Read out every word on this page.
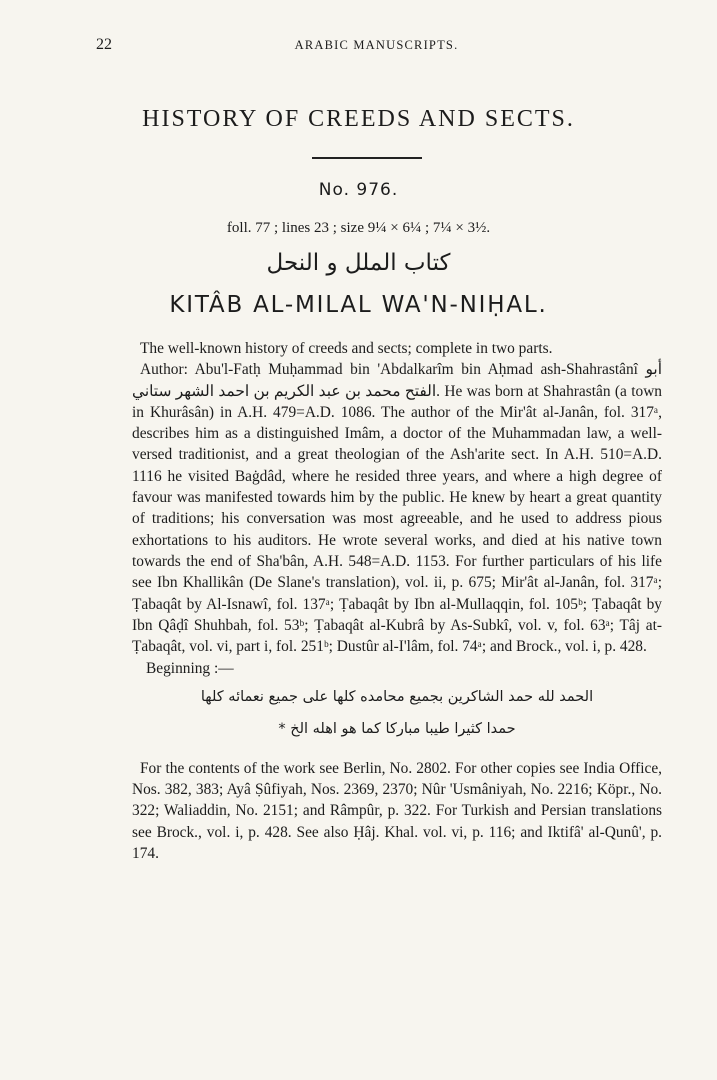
22	ARABIC MANUSCRIPTS.
HISTORY OF CREEDS AND SECTS.
No. 976.
foll. 77 ; lines 23 ; size 9¼ × 6¼ ; 7¼ × 3½.
كتاب الملل و النحل
KITÂB AL-MILAL WA'N-NIḤAL.

The well-known history of creeds and sects; complete in two parts.

Author: Abu'l-Fatḥ Muḥammad bin 'Abdalkarîm bin Aḥmad ash-Shahrastânî أبو الفتح محمد بن عبد الكريم بن احمد الشهر ستاني. He was born at Shahrastân (a town in Khurâsân) in A.H. 479=A.D. 1086. The author of the Mir'ât al-Janân, fol. 317ᵃ, describes him as a distinguished Imâm, a doctor of the Muhammadan law, a well-versed traditionist, and a great theologian of the Ash'arite sect. In A.H. 510=A.D. 1116 he visited Baġdâd, where he resided three years, and where a high degree of favour was manifested towards him by the public. He knew by heart a great quantity of traditions; his conversation was most agreeable, and he used to address pious exhortations to his auditors. He wrote several works, and died at his native town towards the end of Sha'bân, A.H. 548=A.D. 1153. For further particulars of his life see Ibn Khallikân (De Slane's translation), vol. ii, p. 675; Mir'ât al-Janân, fol. 317ᵃ; Ṭabaqât by Al-Isnawî, fol. 137ᵃ; Ṭabaqât by Ibn al-Mullaqqin, fol. 105ᵇ; Ṭabaqât by Ibn Qâḍî Shuhbah, fol. 53ᵇ; Ṭabaqât al-Kubrâ by As-Subkî, vol. v, fol. 63ᵃ; Tâj at-Ṭabaqât, vol. vi, part i, fol. 251ᵇ; Dustûr al-I'lâm, fol. 74ᵃ; and Brock., vol. i, p. 428.

Beginning :—

الحمد لله حمد الشاكرين بجميع محامده كلها على جميع نعمائه كلها

حمدا كثيرا طيبا مباركا كما هو اهله الخ *

For the contents of the work see Berlin, No. 2802. For other copies see India Office, Nos. 382, 383; Ayâ Ṣûfiyah, Nos. 2369, 2370; Nûr 'Usmâniyah, No. 2216; Köpr., No. 322; Waliaddin, No. 2151; and Râmpûr, p. 322. For Turkish and Persian translations see Brock., vol. i, p. 428. See also Ḥâj. Khal. vol. vi, p. 116; and Iktifâ' al-Qunû', p. 174.
